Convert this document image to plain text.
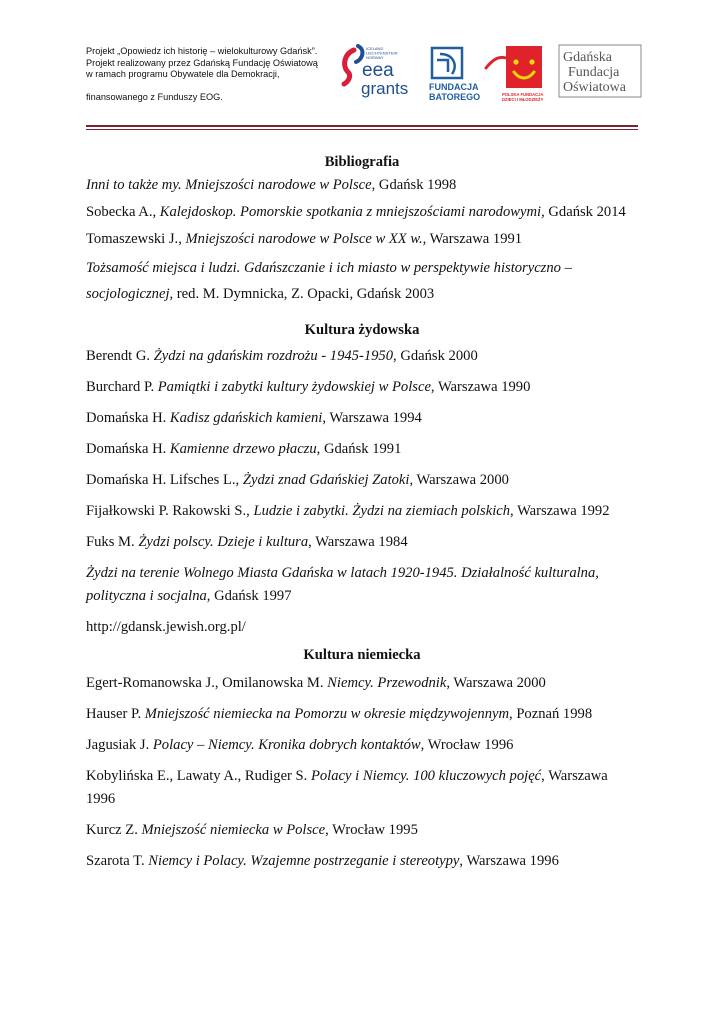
Projekt „Opowiedz ich historię – wielokulturowy Gdańsk”.
Projekt realizowany przez Gdańską Fundację Oświatową
w ramach programu Obywatele dla Demokracji,
finansowanego z Funduszy EOG.
ICELAND
LIECHTENSTEIN
NORWAY
eea
grants FUNDACJA
BATOREGO	POLSKA FUNDACJA
DZIECI I MŁODZIEŻY
Gdańska
Fundacja
Oświatowa
Bibliografia
Inni to także my. Mniejszości narodowe w Polsce, Gdańsk 1998
Sobecka A., Kalejdoskop. Pomorskie spotkania z mniejszościami narodowymi, Gdańsk 2014
Tomaszewski J., Mniejszości narodowe w Polsce w XX w., Warszawa 1991
Tożsamość miejsca i ludzi. Gdańszczanie i ich miasto w perspektywie historyczno – socjologicznej, red. M. Dymnicka, Z. Opacki, Gdańsk 2003
Kultura żydowska
Berendt G. Żydzi na gdańskim rozdrożu - 1945-1950, Gdańsk 2000
Burchard P. Pamiątki i zabytki kultury żydowskiej w Polsce, Warszawa 1990
Domańska H. Kadisz gdańskich kamieni, Warszawa 1994
Domańska H. Kamienne drzewo płaczu, Gdańsk 1991
Domańska H. Lifsches L., Żydzi znad Gdańskiej Zatoki, Warszawa 2000
Fijałkowski P. Rakowski S., Ludzie i zabytki. Żydzi na ziemiach polskich, Warszawa 1992
Fuks M. Żydzi polscy. Dzieje i kultura, Warszawa 1984
Żydzi na terenie Wolnego Miasta Gdańska w latach 1920-1945. Działalność kulturalna, polityczna i socjalna, Gdańsk 1997
http://gdansk.jewish.org.pl/
Kultura niemiecka
Egert-Romanowska J., Omilanowska M. Niemcy. Przewodnik, Warszawa 2000
Hauser P. Mniejszość niemiecka na Pomorzu w okresie międzywojennym, Poznań 1998
Jagusiak J. Polacy – Niemcy. Kronika dobrych kontaktów, Wrocław 1996
Kobylińska E., Lawaty A., Rudiger S. Polacy i Niemcy. 100 kluczowych pojęć, Warszawa 1996
Kurcz Z. Mniejszość niemiecka w Polsce, Wrocław 1995
Szarota T. Niemcy i Polacy. Wzajemne postrzeganie i stereotypy, Warszawa 1996
